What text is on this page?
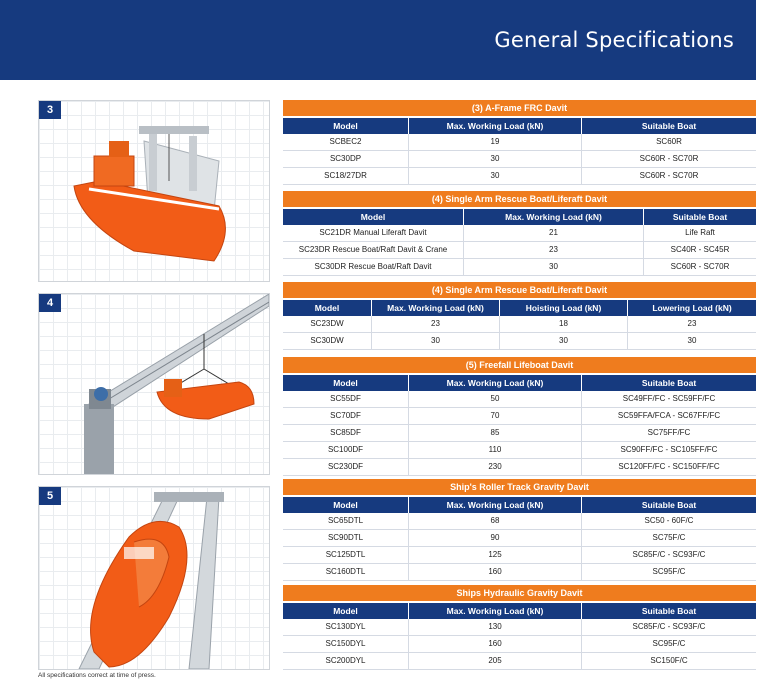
General Specifications
3
4
5
(3) A-Frame FRC Davit
Model	Max. Working Load (kN)	Suitable Boat
SCBEC2	19	SC60R
SC30DP	30	SC60R - SC70R
SC18/27DR	30	SC60R - SC70R
(4) Single Arm Rescue Boat/Liferaft Davit
Model	Max. Working Load (kN)	Suitable Boat
SC21DR Manual Liferaft Davit	21	Life Raft
SC23DR Rescue Boat/Raft Davit & Crane	23	SC40R - SC45R
SC30DR Rescue Boat/Raft Davit	30	SC60R - SC70R
(4) Single Arm Rescue Boat/Liferaft Davit
Model	Max. Working Load (kN)	Hoisting Load (kN)	Lowering Load (kN)
SC23DW	23	18	23
SC30DW	30	30	30
(5) Freefall Lifeboat Davit
Model	Max. Working Load (kN)	Suitable Boat
SC55DF	50	SC49FF/FC - SC59FF/FC
SC70DF	70	SC59FFA/FCA - SC67FF/FC
SC85DF	85	SC75FF/FC
SC100DF	110	SC90FF/FC - SC105FF/FC
SC230DF	230	SC120FF/FC - SC150FF/FC
Ship's Roller Track Gravity Davit
Model	Max. Working Load (kN)	Suitable Boat
SC65DTL	68	SC50 - 60F/C
SC90DTL	90	SC75F/C
SC125DTL	125	SC85F/C - SC93F/C
SC160DTL	160	SC95F/C
Ships Hydraulic Gravity Davit
Model	Max. Working Load (kN)	Suitable Boat
SC130DYL	130	SC85F/C - SC93F/C
SC150DYL	160	SC95F/C
SC200DYL	205	SC150F/C
All specifications correct at time of press.
